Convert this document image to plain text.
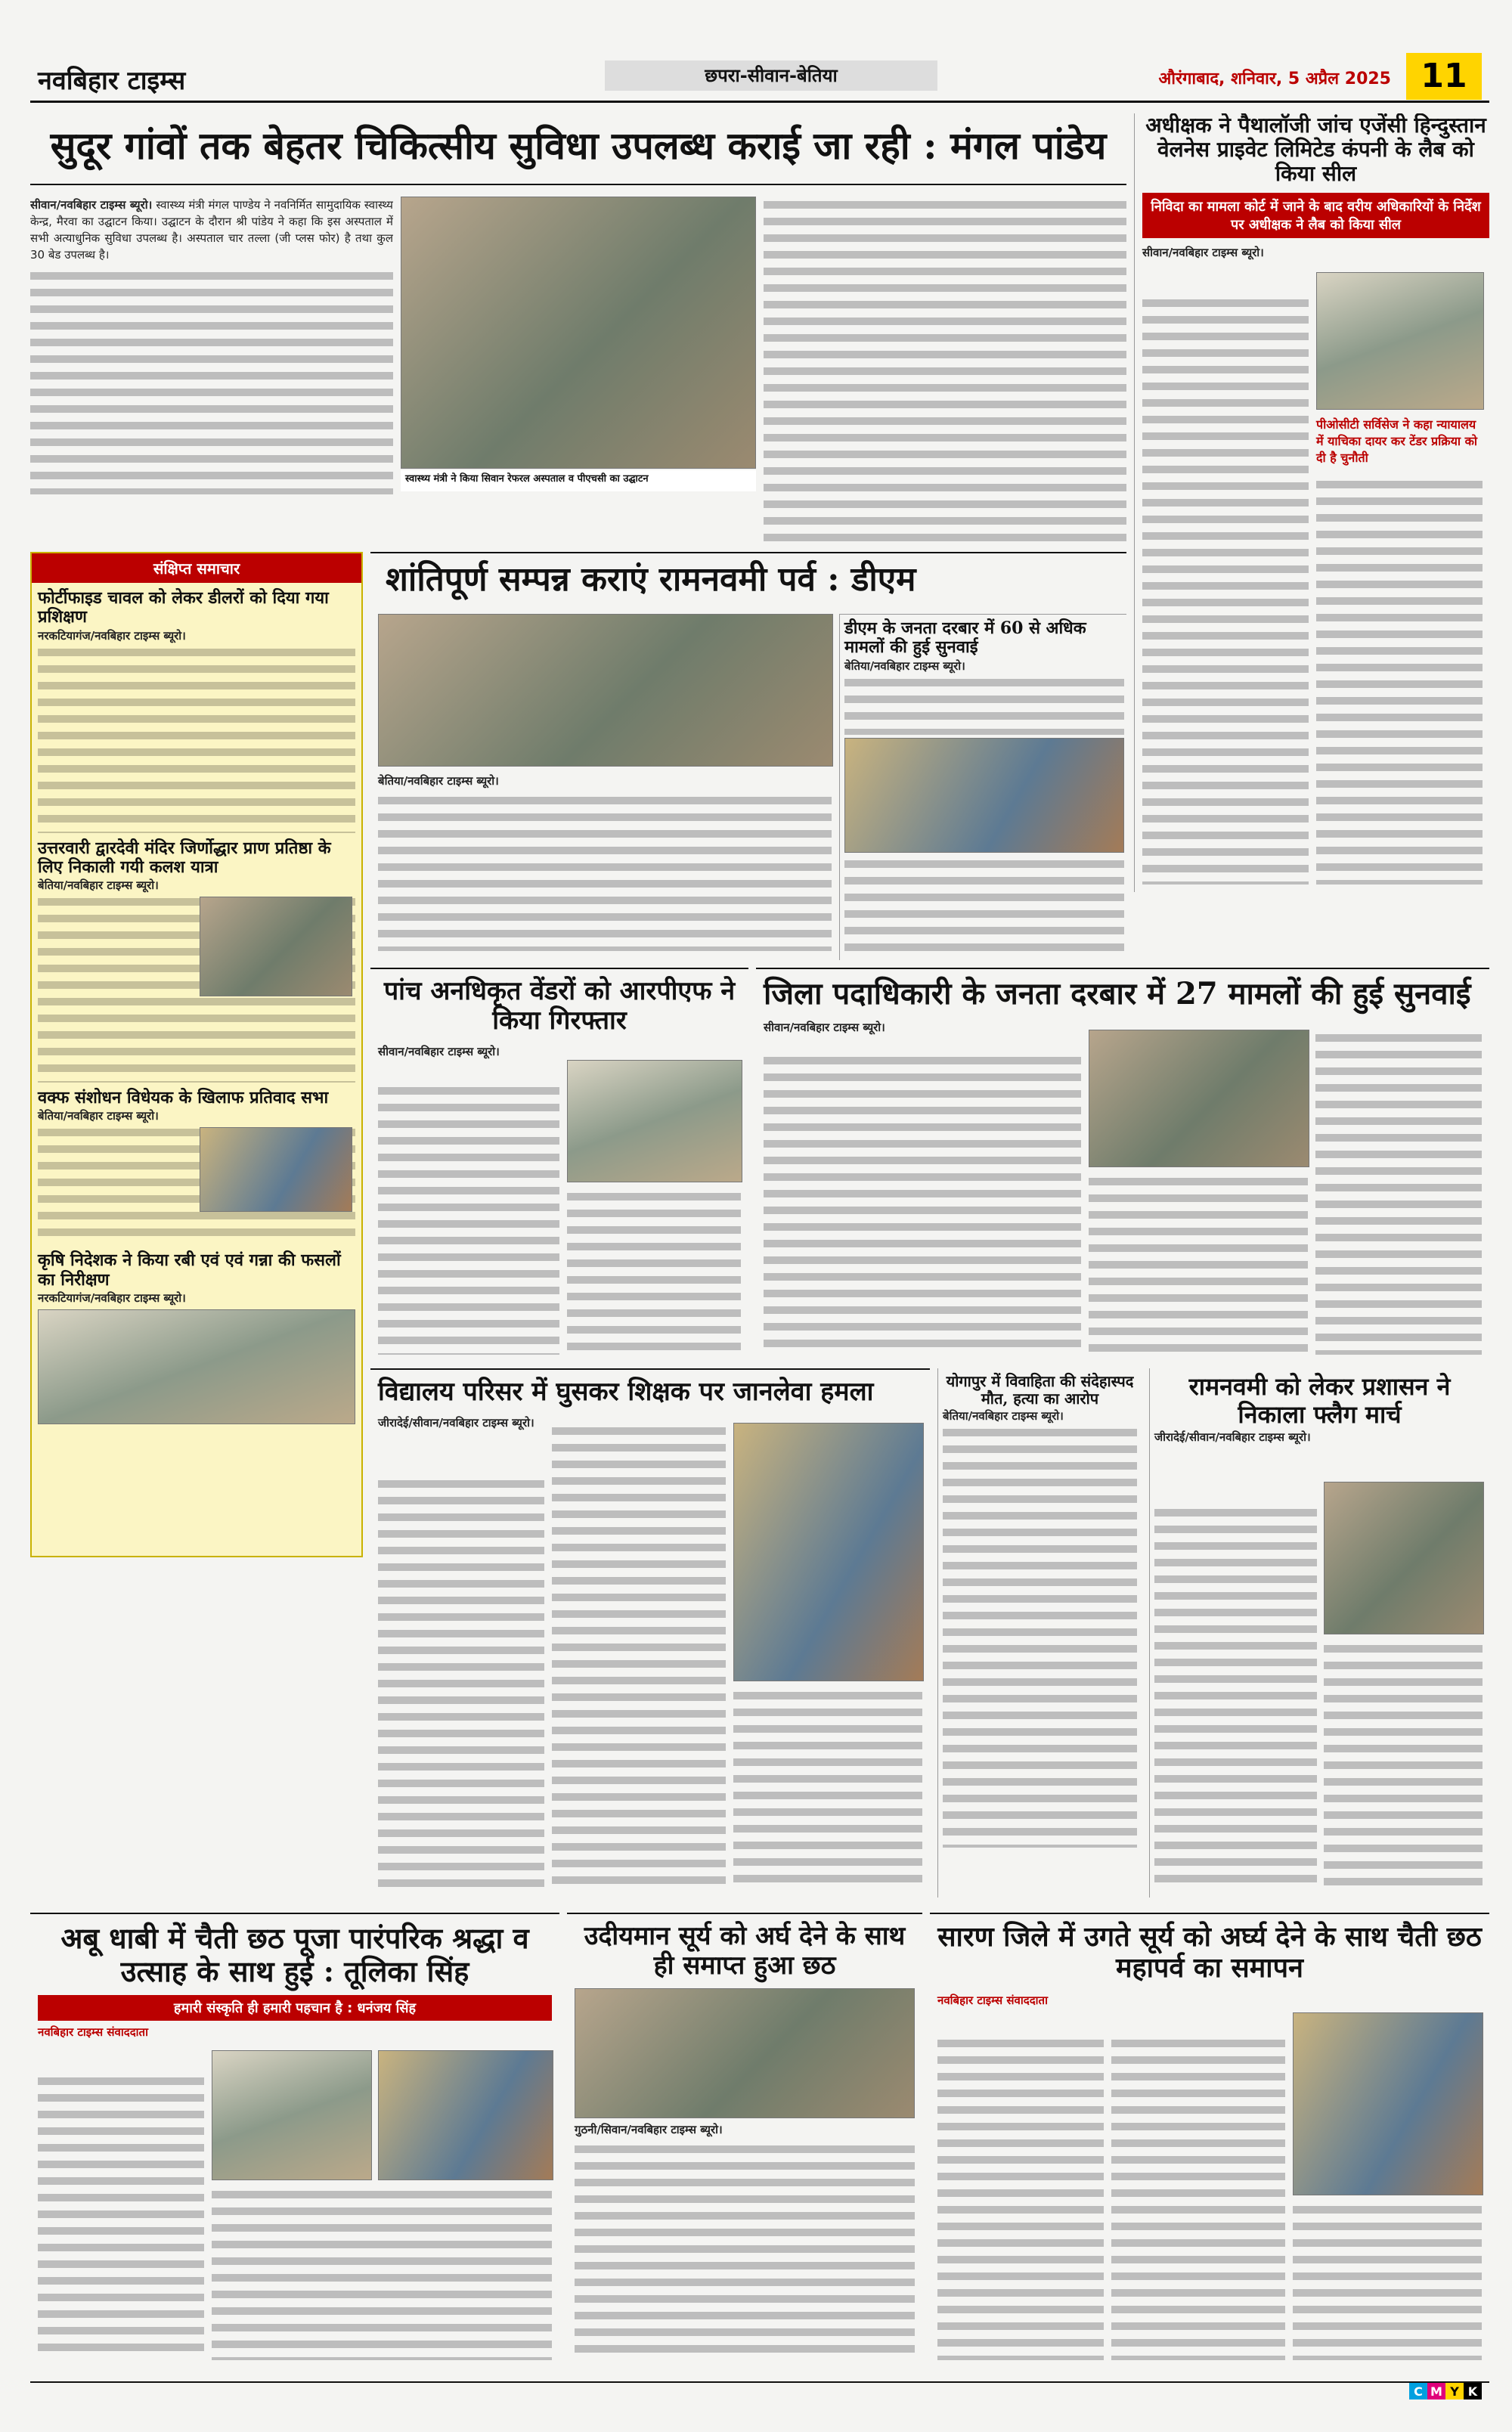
नवबिहार टाइम्स	छपरा-सीवान-बेतिया	औरंगाबाद, शनिवार, 5 अप्रैल 2025 11
सुदूर गांवों तक बेहतर चिकित्सीय सुविधा उपलब्ध कराई जा रही : मंगल पांडेय
सीवान/नवबिहार टाइम्स ब्यूरो। स्वास्थ्य मंत्री मंगल पाण्डेय ने नवनिर्मित सामुदायिक स्वास्थ्य केन्द्र, मैरवा का उद्घाटन किया। उद्घाटन के दौरान श्री पांडेय ने कहा कि इस अस्पताल में सभी अत्याधुनिक सुविधा उपलब्ध है। अस्पताल चार तल्ला (जी प्लस फोर) है तथा कुल 30 बेड उपलब्ध है।
स्वास्थ्य मंत्री ने किया सिवान रेफरल अस्पताल व पीएचसी का उद्घाटन
अधीक्षक ने पैथालॉजी जांच एजेंसी हिन्दुस्तान वेलनेस प्राइवेट लिमिटेड कंपनी के लैब को किया सील
निविदा का मामला कोर्ट में जाने के बाद वरीय अधिकारियों के निर्देश पर अधीक्षक ने लैब को किया सील
सीवान/नवबिहार टाइम्स ब्यूरो।
पीओसीटी सर्विसेज ने कहा न्यायालय में याचिका दायर कर टेंडर प्रक्रिया को दी है चुनौती
संक्षिप्त समाचार
फोर्टीफाइड चावल को लेकर डीलरों को दिया गया प्रशिक्षण
नरकटियागंज/नवबिहार टाइम्स ब्यूरो।
उत्तरवारी द्वारदेवी मंदिर जिर्णोद्धार प्राण प्रतिष्ठा के लिए निकाली गयी कलश यात्रा
बेतिया/नवबिहार टाइम्स ब्यूरो।
वक्फ संशोधन विधेयक के खिलाफ प्रतिवाद सभा
बेतिया/नवबिहार टाइम्स ब्यूरो।
कृषि निदेशक ने किया रबी एवं एवं गन्ना की फसलों का निरीक्षण
नरकटियागंज/नवबिहार टाइम्स ब्यूरो।
शांतिपूर्ण सम्पन्न कराएं रामनवमी पर्व : डीएम
बेतिया/नवबिहार टाइम्स ब्यूरो।
डीएम के जनता दरबार में 60 से अधिक मामलों की हुई सुनवाई
बेतिया/नवबिहार टाइम्स ब्यूरो।
पांच अनधिकृत वेंडरों को आरपीएफ ने किया गिरफ्तार
सीवान/नवबिहार टाइम्स ब्यूरो।
जिला पदाधिकारी के जनता दरबार में 27 मामलों की हुई सुनवाई
सीवान/नवबिहार टाइम्स ब्यूरो।
विद्यालय परिसर में घुसकर शिक्षक पर जानलेवा हमला
जीरादेई/सीवान/नवबिहार टाइम्स ब्यूरो।
योगापुर में विवाहिता की संदेहास्पद मौत, हत्या का आरोप
बेतिया/नवबिहार टाइम्स ब्यूरो।
रामनवमी को लेकर प्रशासन ने निकाला फ्लैग मार्च
जीरादेई/सीवान/नवबिहार टाइम्स ब्यूरो।
अबू धाबी में चैती छठ पूजा पारंपरिक श्रद्धा व उत्साह के साथ हुई : तूलिका सिंह
हमारी संस्कृति ही हमारी पहचान है : धनंजय सिंह
नवबिहार टाइम्स संवाददाता
उदीयमान सूर्य को अर्घ देने के साथ ही समाप्त हुआ छठ
गुठनी/सिवान/नवबिहार टाइम्स ब्यूरो।
सारण जिले में उगते सूर्य को अर्घ्य देने के साथ चैती छठ महापर्व का समापन
नवबिहार टाइम्स संवाददाता
C M Y K
